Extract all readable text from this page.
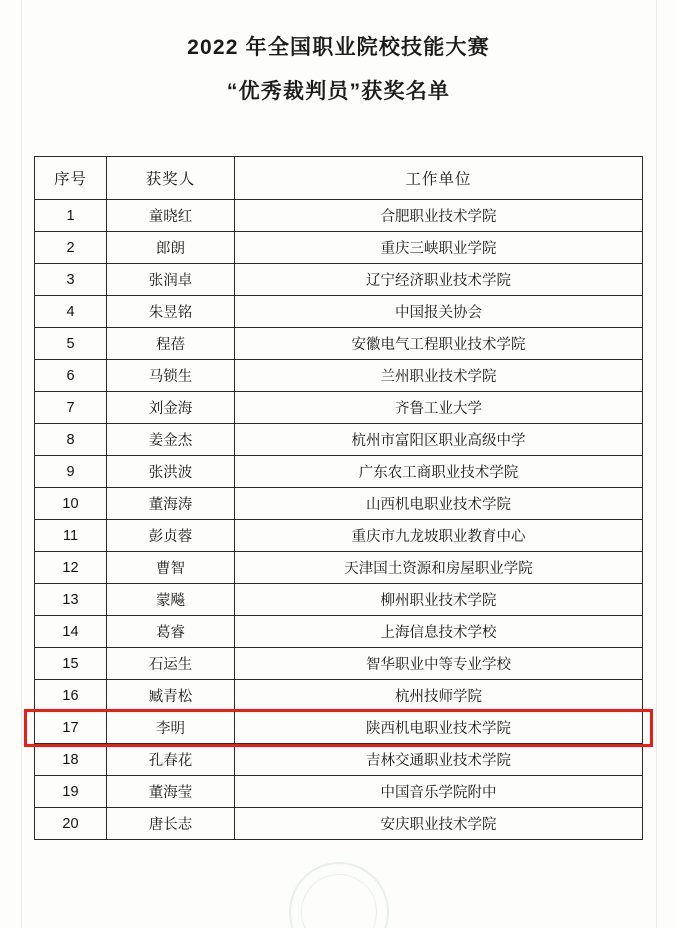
2022 年全国职业院校技能大赛
“优秀裁判员”获奖名单
序号	获奖人	工作单位
1	童晓红	合肥职业技术学院
2	郎朗	重庆三峡职业学院
3	张润卓	辽宁经济职业技术学院
4	朱昱铭	中国报关协会
5	程蓓	安徽电气工程职业技术学院
6	马锁生	兰州职业技术学院
7	刘金海	齐鲁工业大学
8	姜金杰	杭州市富阳区职业高级中学
9	张洪波	广东农工商职业技术学院
10	董海涛	山西机电职业技术学院
11	彭贞蓉	重庆市九龙坡职业教育中心
12	曹智	天津国土资源和房屋职业学院
13	蒙飚	柳州职业技术学院
14	葛睿	上海信息技术学校
15	石运生	智华职业中等专业学校
16	臧青松	杭州技师学院
17	李明	陕西机电职业技术学院
18	孔春花	吉林交通职业技术学院
19	董海莹	中国音乐学院附中
20	唐长志	安庆职业技术学院
